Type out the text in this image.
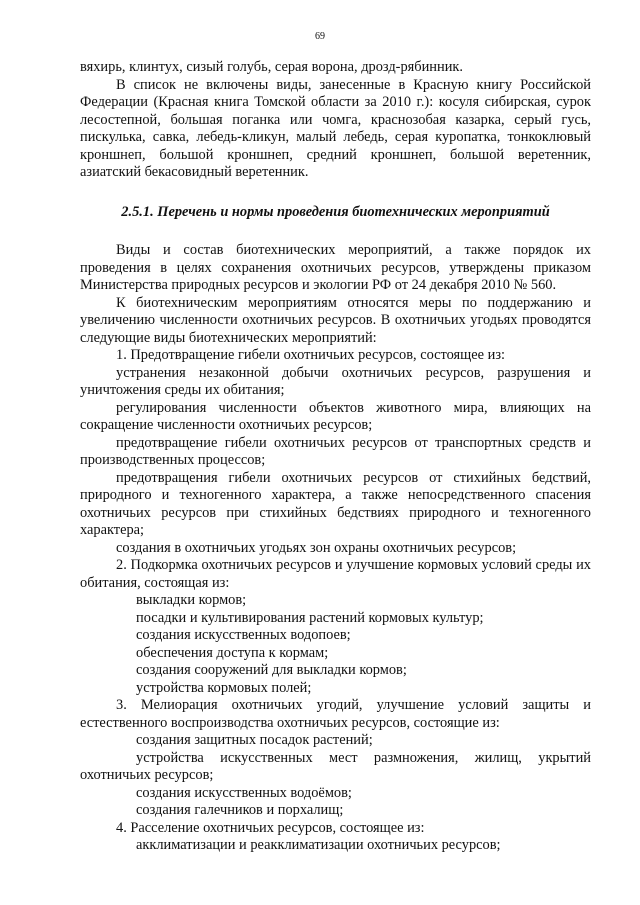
69

вяхирь, клинтух, сизый голубь, серая ворона, дрозд-рябинник.

В список не включены виды, занесенные в Красную книгу Российской Федерации (Красная книга Томской области за 2010 г.): косуля сибирская, сурок лесостепной, большая поганка или чомга, краснозобая казарка, серый гусь, пискулька, савка, лебедь-кликун, малый лебедь, серая куропатка, тонкоклювый кроншнеп, большой кроншнеп, средний кроншнеп, большой веретенник, азиатский бекасовидный веретенник.

2.5.1. Перечень и нормы проведения биотехнических мероприятий

Виды и состав биотехнических мероприятий, а также порядок их проведения в целях сохранения охотничьих ресурсов, утверждены приказом Министерства природных ресурсов и экологии РФ от 24 декабря 2010 № 560.

К биотехническим мероприятиям относятся меры по поддержанию и увеличению численности охотничьих ресурсов. В охотничьих угодьях проводятся следующие виды биотехнических мероприятий:

1. Предотвращение гибели охотничьих ресурсов, состоящее из:

устранения незаконной добычи охотничьих ресурсов, разрушения и уничтожения среды их обитания;

регулирования численности объектов животного мира, влияющих на сокращение численности охотничьих ресурсов;

предотвращение гибели охотничьих ресурсов от транспортных средств и производственных процессов;

предотвращения гибели охотничьих ресурсов от стихийных бедствий, природного и техногенного характера, а также непосредственного спасения охотничьих ресурсов при стихийных бедствиях природного и техногенного характера;

создания в охотничьих угодьях зон охраны охотничьих ресурсов;

2. Подкормка охотничьих ресурсов и улучшение кормовых условий среды их обитания, состоящая из:

выкладки кормов;

посадки и культивирования растений кормовых культур;

создания искусственных водопоев;

обеспечения доступа к кормам;

создания сооружений для выкладки кормов;

устройства кормовых полей;

3. Мелиорация охотничьих угодий, улучшение условий защиты и естественного воспроизводства охотничьих ресурсов, состоящие из:

создания защитных посадок растений;

устройства искусственных мест размножения, жилищ, укрытий охотничьих ресурсов;

создания искусственных водоёмов;

создания галечников и порхалищ;

4. Расселение охотничьих ресурсов, состоящее из:

акклиматизации и реакклиматизации охотничьих ресурсов;
